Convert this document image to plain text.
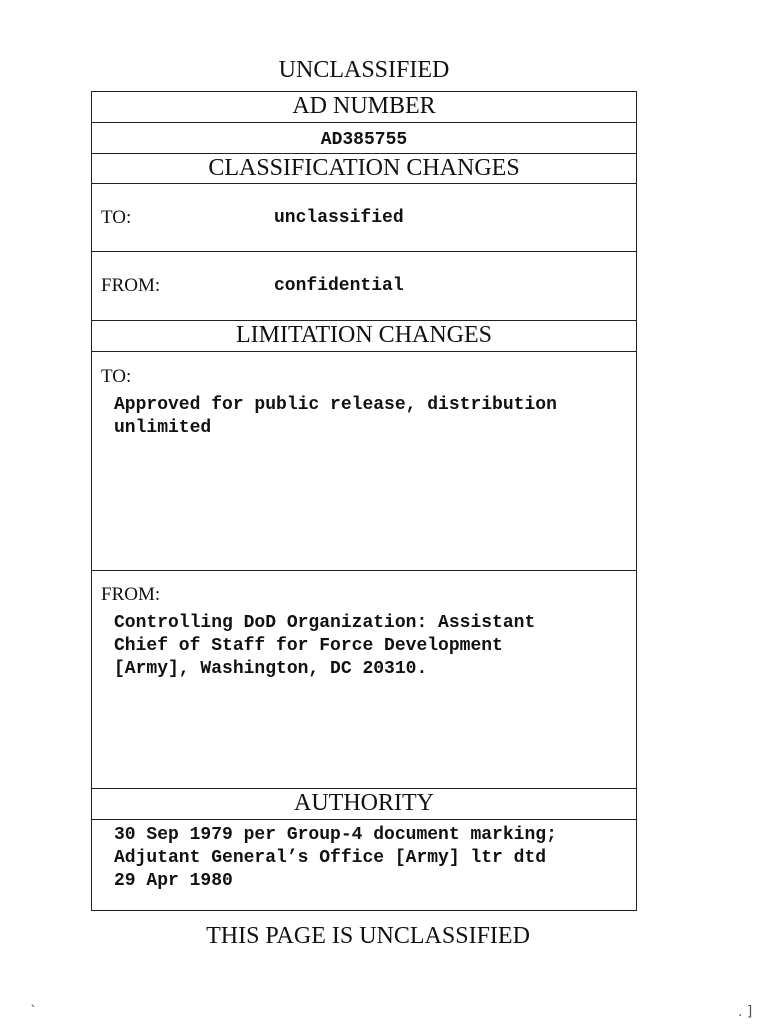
UNCLASSIFIED
AD NUMBER
AD385755
CLASSIFICATION CHANGES
TO:	unclassified
FROM:	confidential
LIMITATION CHANGES
TO:
Approved for public release, distribution
unlimited
FROM:
Controlling DoD Organization: Assistant
Chief of Staff for Force Development
[Army], Washington, DC 20310.
AUTHORITY
30 Sep 1979 per Group-4 document marking;
Adjutant General’s Office [Army] ltr dtd
29 Apr 1980
THIS PAGE IS UNCLASSIFIED
`	. ]
